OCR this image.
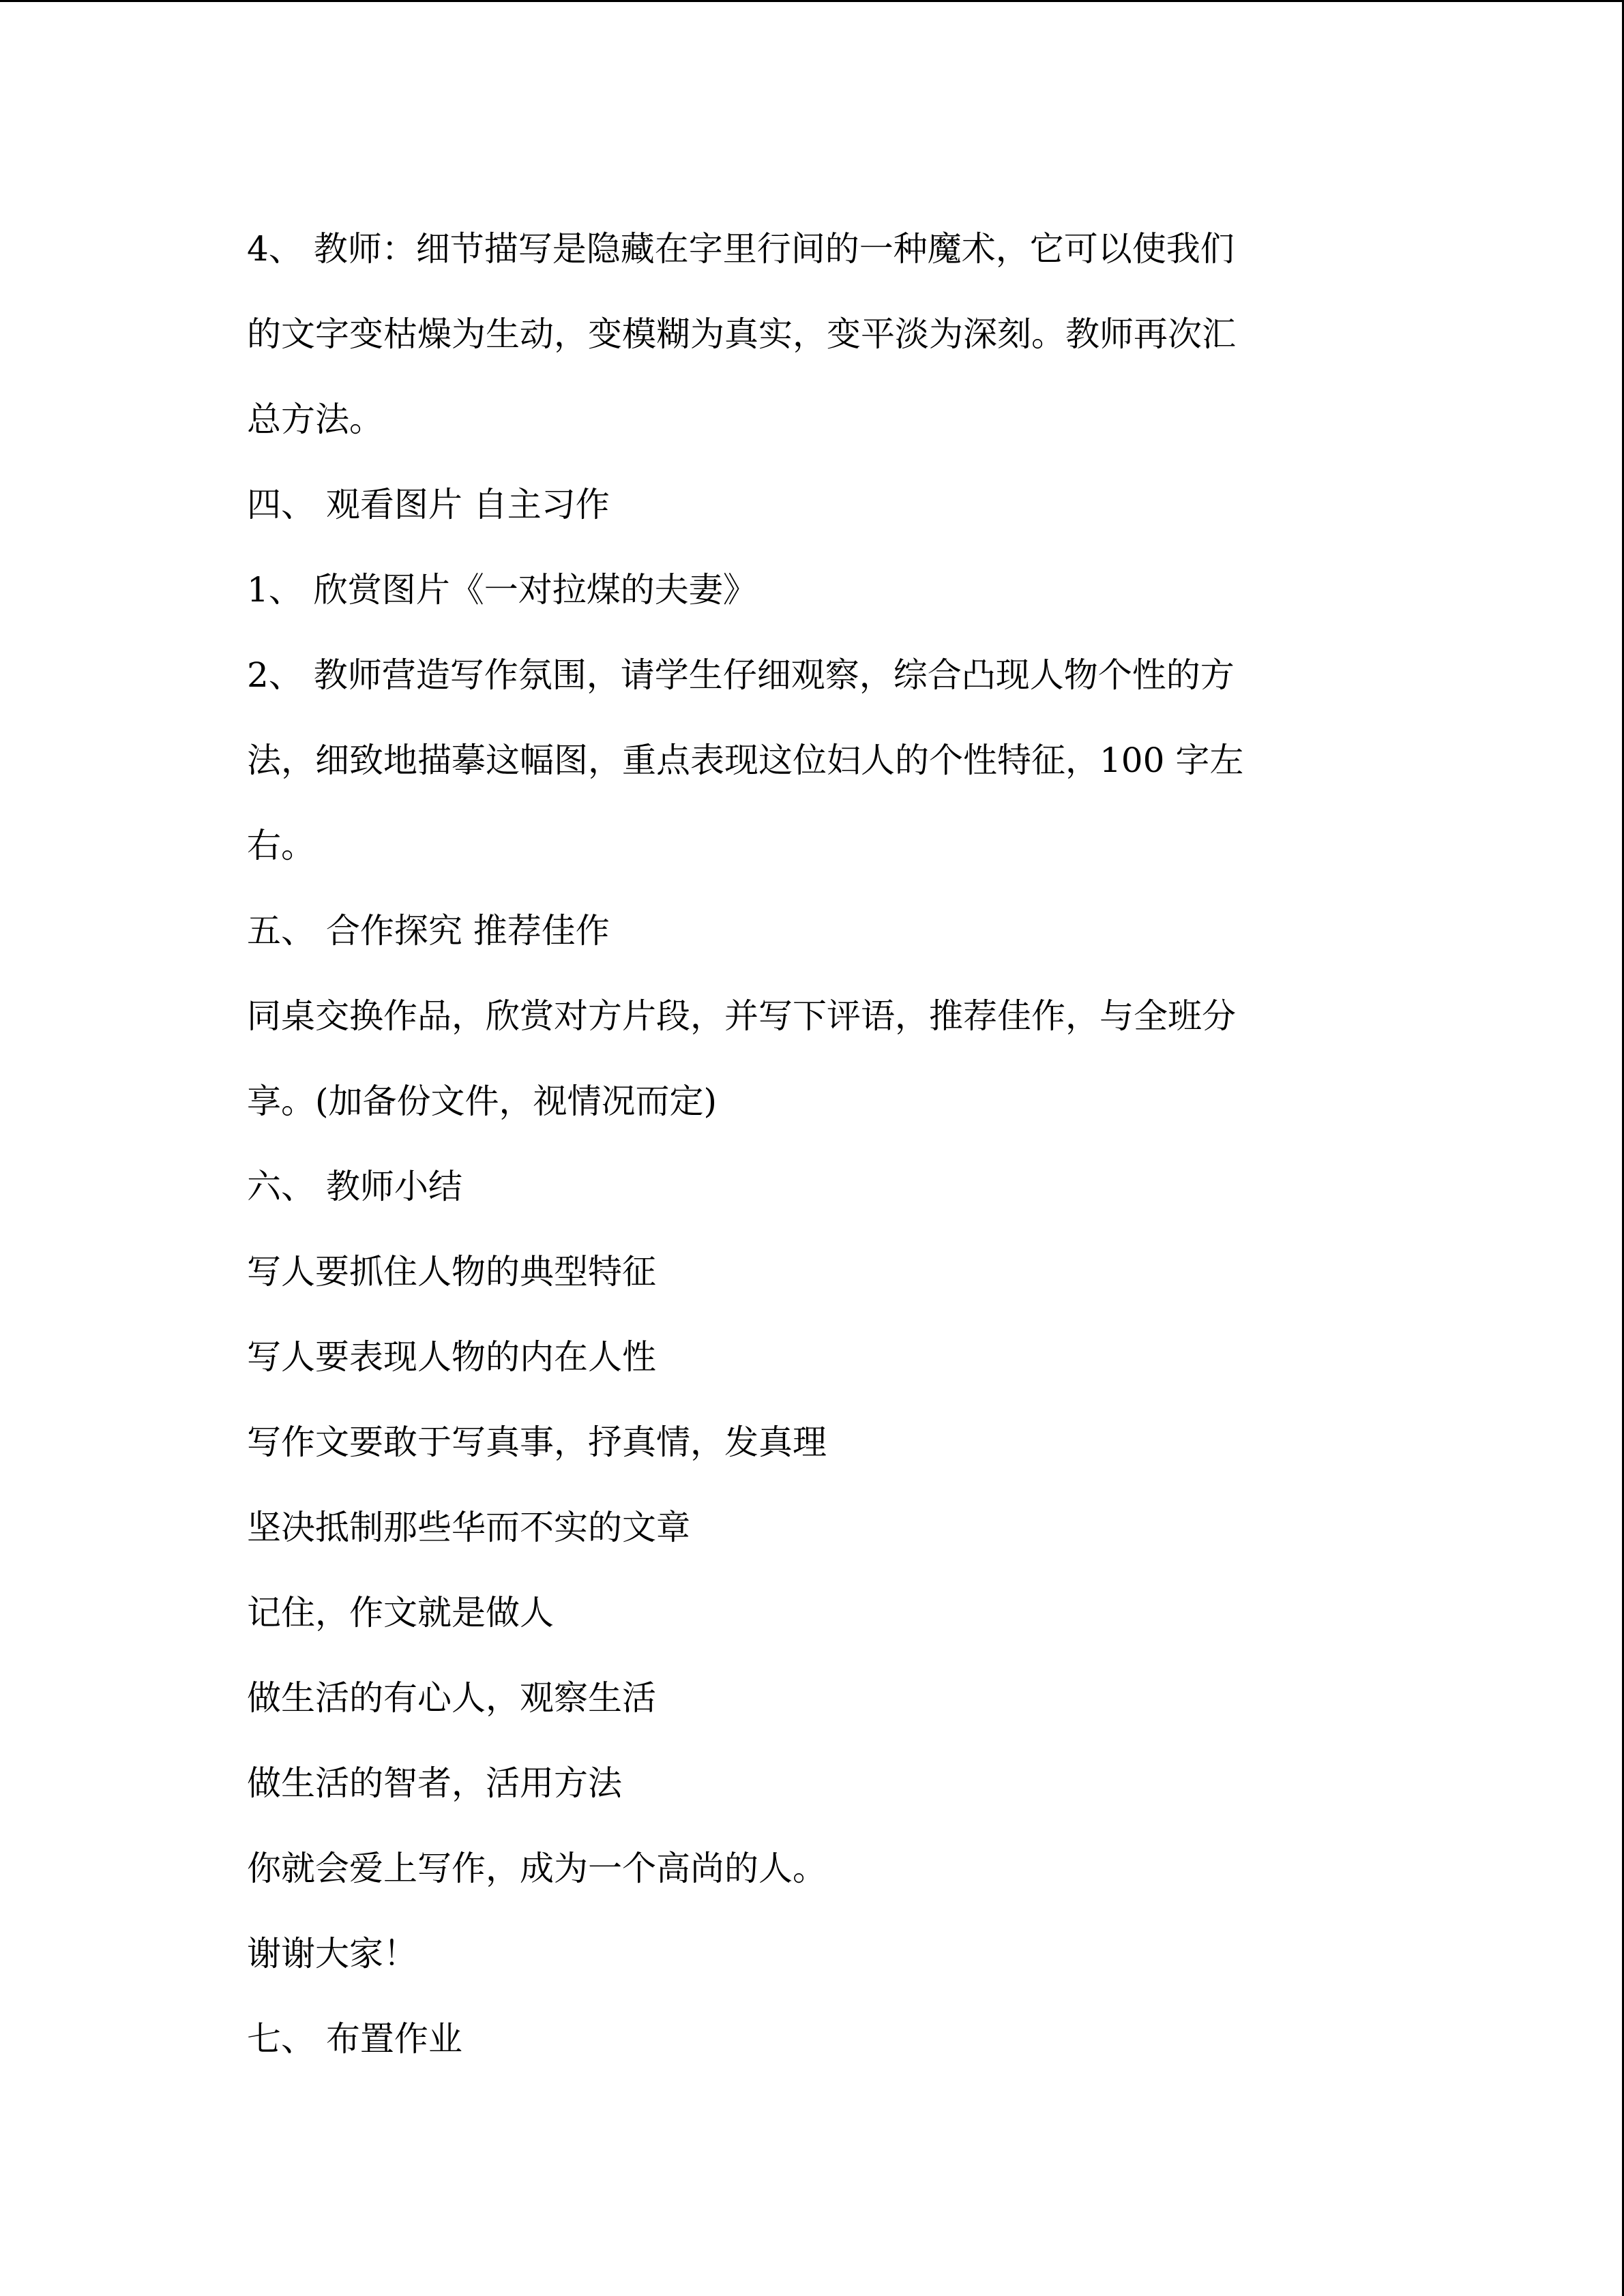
4、 教师：细节描写是隐藏在字里行间的一种魔术，它可以使我们

的文字变枯燥为生动，变模糊为真实，变平淡为深刻。教师再次汇

总方法。

四、 观看图片 自主习作

1、 欣赏图片《一对拉煤的夫妻》

2、 教师营造写作氛围，请学生仔细观察，综合凸现人物个性的方

法，细致地描摹这幅图，重点表现这位妇人的个性特征，100 字左

右。

五、 合作探究 推荐佳作

同桌交换作品，欣赏对方片段，并写下评语，推荐佳作，与全班分

享。(加备份文件，视情况而定)

六、 教师小结

写人要抓住人物的典型特征

写人要表现人物的内在人性

写作文要敢于写真事，抒真情，发真理

坚决抵制那些华而不实的文章

记住，作文就是做人

做生活的有心人，观察生活

做生活的智者，活用方法

你就会爱上写作，成为一个高尚的人。

谢谢大家！

七、 布置作业
